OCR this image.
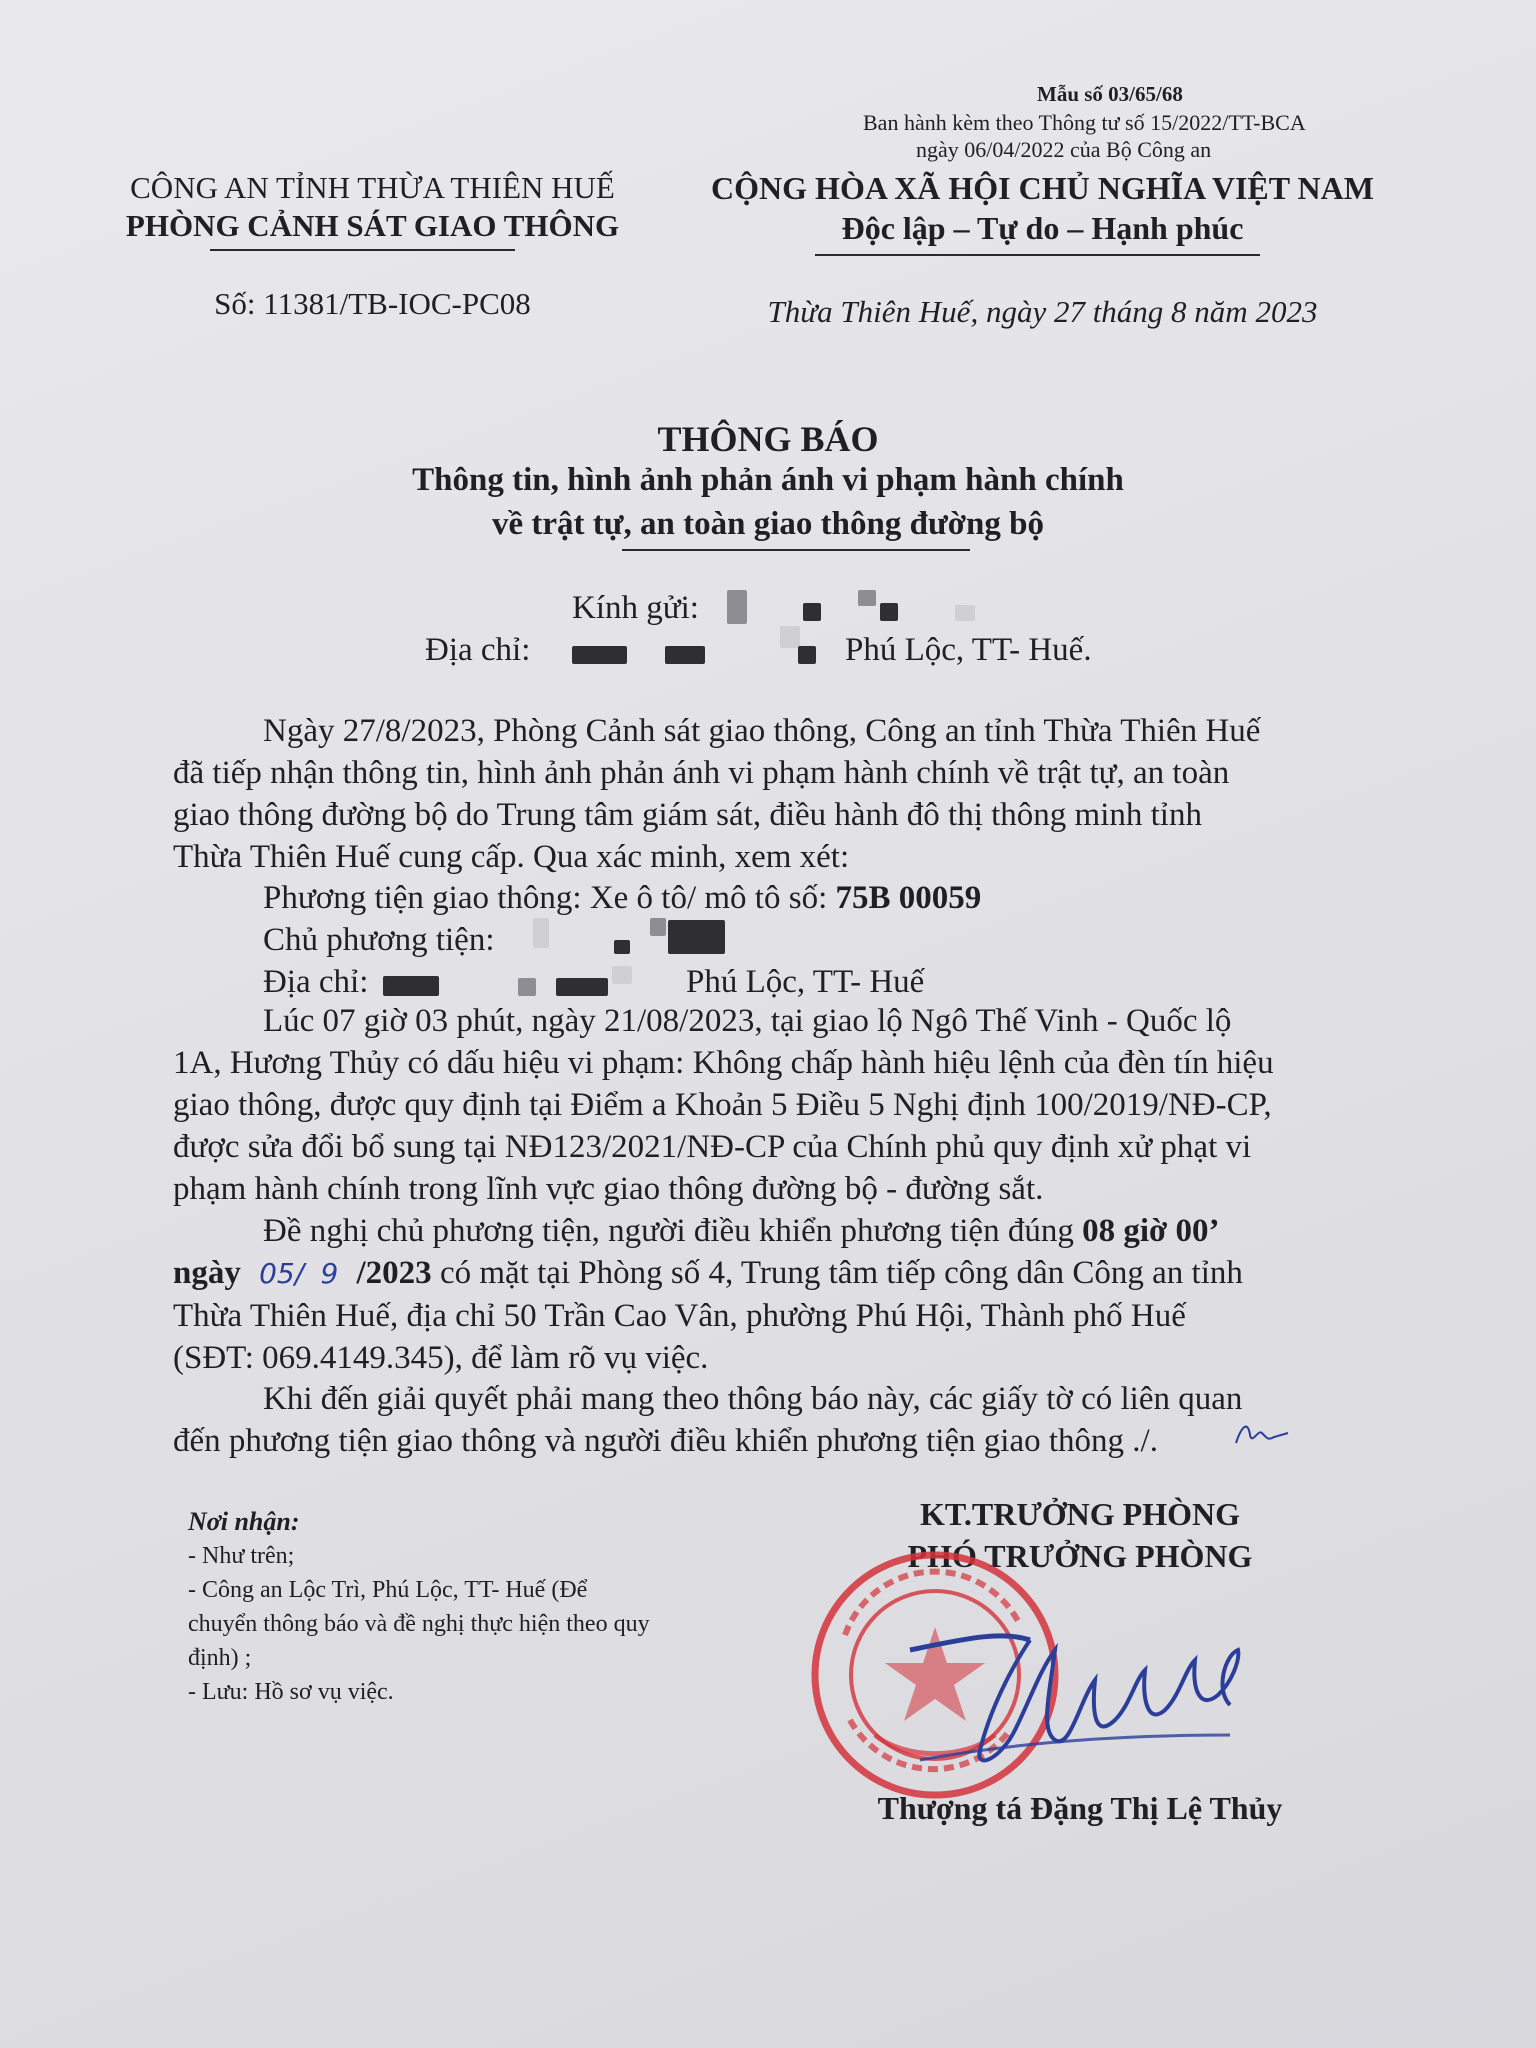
Mẫu số 03/65/68
Ban hành kèm theo Thông tư số 15/2022/TT-BCA
ngày 06/04/2022 của Bộ Công an
CÔNG AN TỈNH THỪA THIÊN HUẾ
PHÒNG CẢNH SÁT GIAO THÔNG
Số: 11381/TB-IOC-PC08
CỘNG HÒA XÃ HỘI CHỦ NGHĨA VIỆT NAM
Độc lập – Tự do – Hạnh phúc
Thừa Thiên Huế, ngày 27 tháng 8 năm 2023
THÔNG BÁO
Thông tin, hình ảnh phản ánh vi phạm hành chính
về trật tự, an toàn giao thông đường bộ
Kính gửi:
Địa chỉ:	Phú Lộc, TT- Huế.
Ngày 27/8/2023, Phòng Cảnh sát giao thông, Công an tỉnh Thừa Thiên Huế
đã tiếp nhận thông tin, hình ảnh phản ánh vi phạm hành chính về trật tự, an toàn
giao thông đường bộ do Trung tâm giám sát, điều hành đô thị thông minh tỉnh
Thừa Thiên Huế cung cấp. Qua xác minh, xem xét:
Phương tiện giao thông: Xe ô tô/ mô tô số: 75B 00059
Chủ phương tiện:
Địa chỉ:	Phú Lộc, TT- Huế
Lúc 07 giờ 03 phút, ngày 21/08/2023, tại giao lộ Ngô Thế Vinh - Quốc lộ
1A, Hương Thủy có dấu hiệu vi phạm: Không chấp hành hiệu lệnh của đèn tín hiệu
giao thông, được quy định tại Điểm a Khoản 5 Điều 5 Nghị định 100/2019/NĐ-CP,
được sửa đổi bổ sung tại NĐ123/2021/NĐ-CP của Chính phủ quy định xử phạt vi
phạm hành chính trong lĩnh vực giao thông đường bộ - đường sắt.
Đề nghị chủ phương tiện, người điều khiển phương tiện đúng 08 giờ 00’
ngày 05/ 9 /2023 có mặt tại Phòng số 4, Trung tâm tiếp công dân Công an tỉnh
Thừa Thiên Huế, địa chỉ 50 Trần Cao Vân, phường Phú Hội, Thành phố Huế
(SĐT: 069.4149.345), để làm rõ vụ việc.
Khi đến giải quyết phải mang theo thông báo này, các giấy tờ có liên quan
đến phương tiện giao thông và người điều khiển phương tiện giao thông ./.
Nơi nhận:
- Như trên;
- Công an Lộc Trì, Phú Lộc, TT- Huế (Để
chuyển thông báo và đề nghị thực hiện theo quy
định) ;
- Lưu: Hồ sơ vụ việc.
KT.TRƯỞNG PHÒNG
PHÓ TRƯỞNG PHÒNG
Thượng tá Đặng Thị Lệ Thủy
